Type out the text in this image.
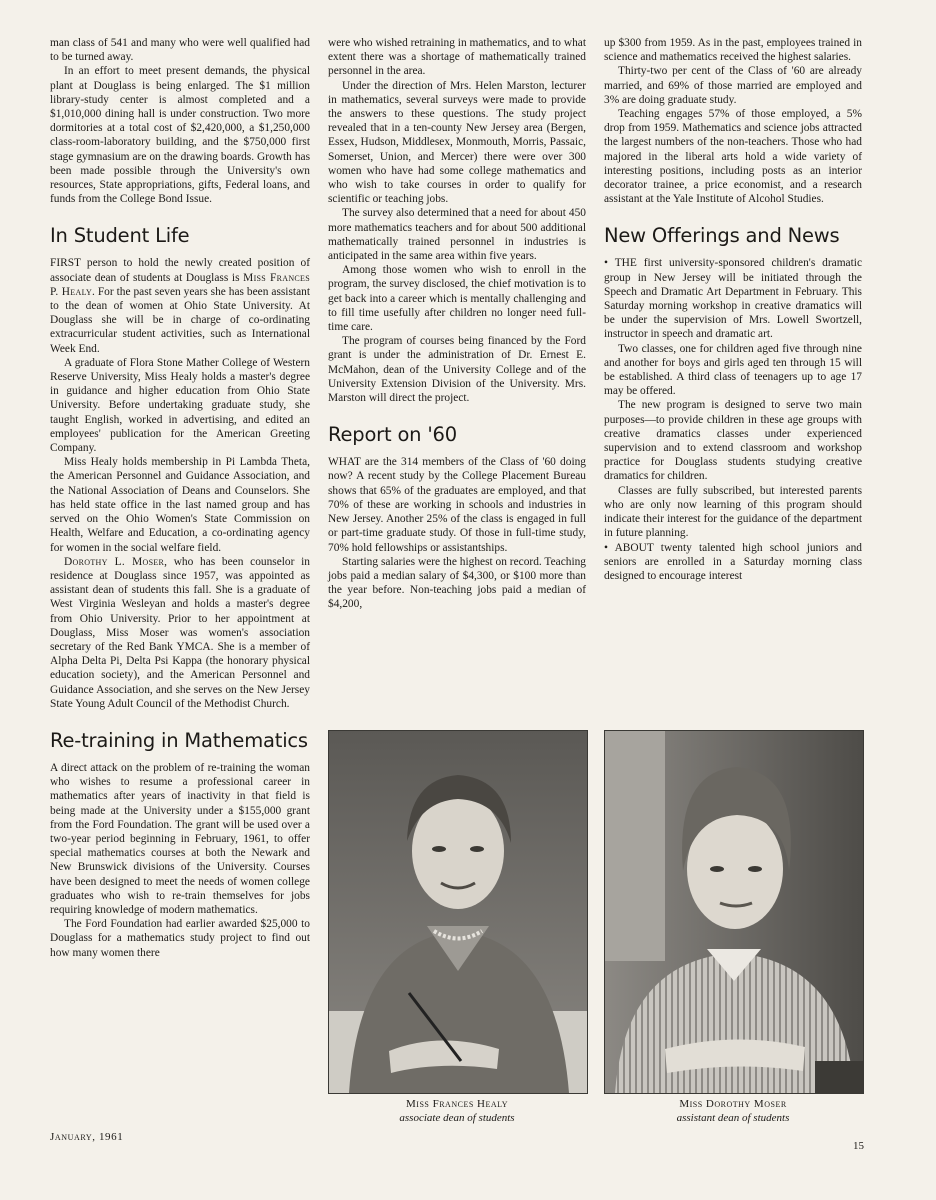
man class of 541 and many who were well qualified had to be turned away.

In an effort to meet present demands, the physical plant at Douglass is being enlarged. The $1 million library-study center is almost completed and a $1,010,000 dining hall is under construction. Two more dormitories at a total cost of $2,420,000, a $1,250,000 class-room-laboratory building, and the $750,000 first stage gymnasium are on the drawing boards. Growth has been made possible through the University's own resources, State appropriations, gifts, Federal loans, and funds from the College Bond Issue.

In Student Life

FIRST person to hold the newly created position of associate dean of students at Douglass is Miss Frances P. Healy. For the past seven years she has been assistant to the dean of women at Ohio State University. At Douglass she will be in charge of co-ordinating extracurricular student activities, such as International Week End.

A graduate of Flora Stone Mather College of Western Reserve University, Miss Healy holds a master's degree in guidance and higher education from Ohio State University. Before undertaking graduate study, she taught English, worked in advertising, and edited an employees' publication for the American Greeting Company.

Miss Healy holds membership in Pi Lambda Theta, the American Personnel and Guidance Association, and the National Association of Deans and Counselors. She has held state office in the last named group and has served on the Ohio Women's State Commission on Health, Welfare and Education, a co-ordinating agency for women in the social welfare field.

Dorothy L. Moser, who has been counselor in residence at Douglass since 1957, was appointed as assistant dean of students this fall. She is a graduate of West Virginia Wesleyan and holds a master's degree from Ohio University. Prior to her appointment at Douglass, Miss Moser was women's association secretary of the Red Bank YMCA. She is a member of Alpha Delta Pi, Delta Psi Kappa (the honorary physical education society), and the American Personnel and Guidance Association, and she serves on the New Jersey State Young Adult Council of the Methodist Church.

Re-training in Mathematics

A direct attack on the problem of re-training the woman who wishes to resume a professional career in mathematics after years of inactivity in that field is being made at the University under a $155,000 grant from the Ford Foundation. The grant will be used over a two-year period beginning in February, 1961, to offer special mathematics courses at both the Newark and New Brunswick divisions of the University. Courses have been designed to meet the needs of women college graduates who wish to re-train themselves for jobs requiring knowledge of modern mathematics.

The Ford Foundation had earlier awarded $25,000 to Douglass for a mathematics study project to find out how many women there

were who wished retraining in mathematics, and to what extent there was a shortage of mathematically trained personnel in the area.

Under the direction of Mrs. Helen Marston, lecturer in mathematics, several surveys were made to provide the answers to these questions. The study project revealed that in a ten-county New Jersey area (Bergen, Essex, Hudson, Middlesex, Monmouth, Morris, Passaic, Somerset, Union, and Mercer) there were over 300 women who have had some college mathematics and who wish to take courses in order to qualify for scientific or teaching jobs.

The survey also determined that a need for about 450 more mathematics teachers and for about 500 additional mathematically trained personnel in industries is anticipated in the same area within five years.

Among those women who wish to enroll in the program, the survey disclosed, the chief motivation is to get back into a career which is mentally challenging and to fill time usefully after children no longer need full-time care.

The program of courses being financed by the Ford grant is under the administration of Dr. Ernest E. McMahon, dean of the University College and of the University Extension Division of the University. Mrs. Marston will direct the project.

Report on '60

WHAT are the 314 members of the Class of '60 doing now? A recent study by the College Placement Bureau shows that 65% of the graduates are employed, and that 70% of these are working in schools and industries in New Jersey. Another 25% of the class is engaged in full or part-time graduate study. Of those in full-time study, 70% hold fellowships or assistantships.

Starting salaries were the highest on record. Teaching jobs paid a median salary of $4,300, or $100 more than the year before. Non-teaching jobs paid a median of $4,200,

up $300 from 1959. As in the past, employees trained in science and mathematics received the highest salaries.

Thirty-two per cent of the Class of '60 are already married, and 69% of those married are employed and 3% are doing graduate study.

Teaching engages 57% of those employed, a 5% drop from 1959. Mathematics and science jobs attracted the largest numbers of the non-teachers. Those who had majored in the liberal arts hold a wide variety of interesting positions, including posts as an interior decorator trainee, a price economist, and a research assistant at the Yale Institute of Alcohol Studies.

New Offerings and News

• THE first university-sponsored children's dramatic group in New Jersey will be initiated through the Speech and Dramatic Art Department in February. This Saturday morning workshop in creative dramatics will be under the supervision of Mrs. Lowell Swortzell, instructor in speech and dramatic art.

Two classes, one for children aged five through nine and another for boys and girls aged ten through 15 will be established. A third class of teenagers up to age 17 may be offered.

The new program is designed to serve two main purposes—to provide children in these age groups with creative dramatics classes under experienced supervision and to extend classroom and workshop practice for Douglass students studying creative dramatics for children.

Classes are fully subscribed, but interested parents who are only now learning of this program should indicate their interest for the guidance of the department in future planning.

• ABOUT twenty talented high school juniors and seniors are enrolled in a Saturday morning class designed to encourage interest

Miss Frances Healy
associate dean of students
Miss Dorothy Moser
assistant dean of students
January, 1961
15
